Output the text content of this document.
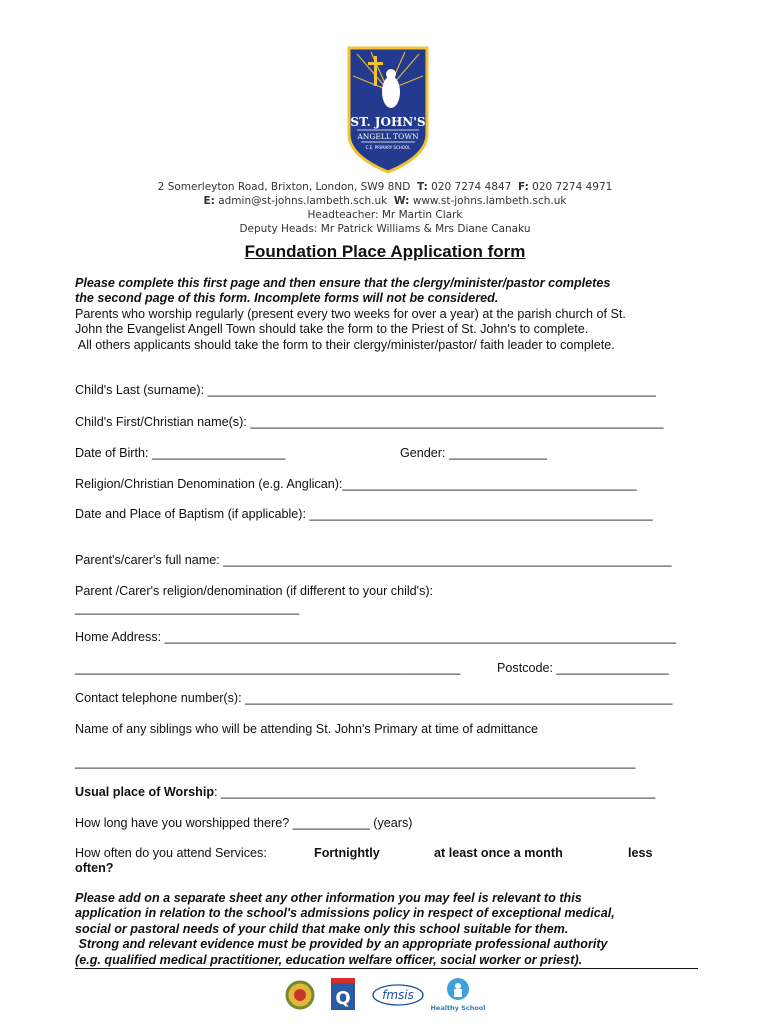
ST. JOHN'S
ANGELL TOWN
C.E. PRIMARY SCHOOL
2 Somerleyton Road, Brixton, London, SW9 8ND T: 020 7274 4847 F: 020 7274 4971
E: admin@st-johns.lambeth.sch.uk W: www.st-johns.lambeth.sch.uk
Headteacher: Mr Martin Clark
Deputy Heads: Mr Patrick Williams & Mrs Diane Canaku
Foundation Place Application form
Please complete this first page and then ensure that the clergy/minister/pastor completes
the second page of this form. Incomplete forms will not be considered.
Parents who worship regularly (present every two weeks for over a year) at the parish church of St.
John the Evangelist Angell Town should take the form to the Priest of St. John's to complete.
All others applicants should take the form to their clergy/minister/pastor/ faith leader to complete.
Child's Last (surname): ________________________________________________________________
Child's First/Christian name(s): ___________________________________________________________
Date of Birth: ___________________	Gender: ______________
Religion/Christian Denomination (e.g. Anglican):__________________________________________
Date and Place of Baptism (if applicable): _________________________________________________
Parent's/carer's full name: ________________________________________________________________
Parent /Carer's religion/denomination (if different to your child's):
________________________________
Home Address: _________________________________________________________________________
_______________________________________________________	Postcode: ________________
Contact telephone number(s): _____________________________________________________________
Name of any siblings who will be attending St. John's Primary at time of admittance
________________________________________________________________________________
Usual place of Worship: ______________________________________________________________
How long have you worshipped there? ___________ (years)
How often do you attend Services:	Fortnightly	at least once a month	less
often?
Please add on a separate sheet any other information you may feel is relevant to this
application in relation to the school's admissions policy in respect of exceptional medical,
social or pastoral needs of your child that make only this school suitable for them.
Strong and relevant evidence must be provided by an appropriate professional authority
(e.g. qualified medical practitioner, education welfare officer, social worker or priest).
Q	fmsis
Healthy School
